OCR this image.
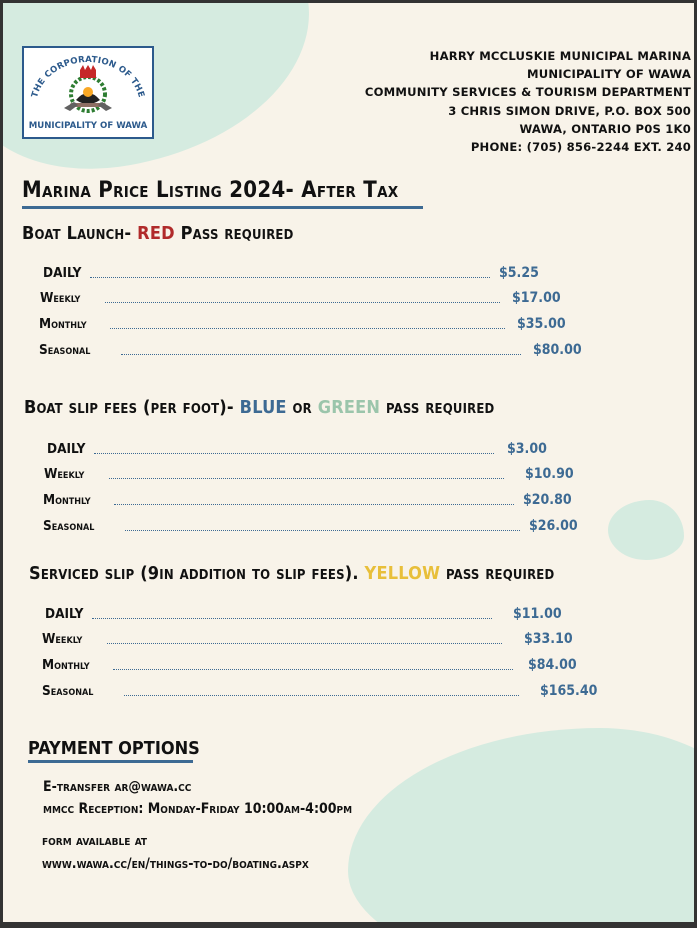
THE CORPORATION OF THE
MUNICIPALITY OF WAWA
HARRY MCCLUSKIE MUNICIPAL MARINA
MUNICIPALITY OF WAWA
COMMUNITY SERVICES & TOURISM DEPARTMENT
3 CHRIS SIMON DRIVE, P.O. BOX 500
WAWA, ONTARIO P0S 1K0
PHONE: (705) 856-2244 EXT. 240
Marina Price Listing 2024- After Tax
Boat Launch- RED Pass required
DAILY	$5.25
Weekly	$17.00
Monthly	$35.00
Seasonal	$80.00
Boat slip fees (per foot)- BLUE or GREEN pass required
DAILY	$3.00
Weekly	$10.90
Monthly	$20.80
Seasonal	$26.00
Serviced slip (9in addition to slip fees). YELLOW pass required
DAILY	$11.00
Weekly	$33.10
Monthly	$84.00
Seasonal	$165.40
PAYMENT OPTIONS
E-transfer ar@wawa.cc
mmcc Reception: Monday-Friday 10:00am-4:00pm
form available at
www.wawa.cc/en/things-to-do/boating.aspx
